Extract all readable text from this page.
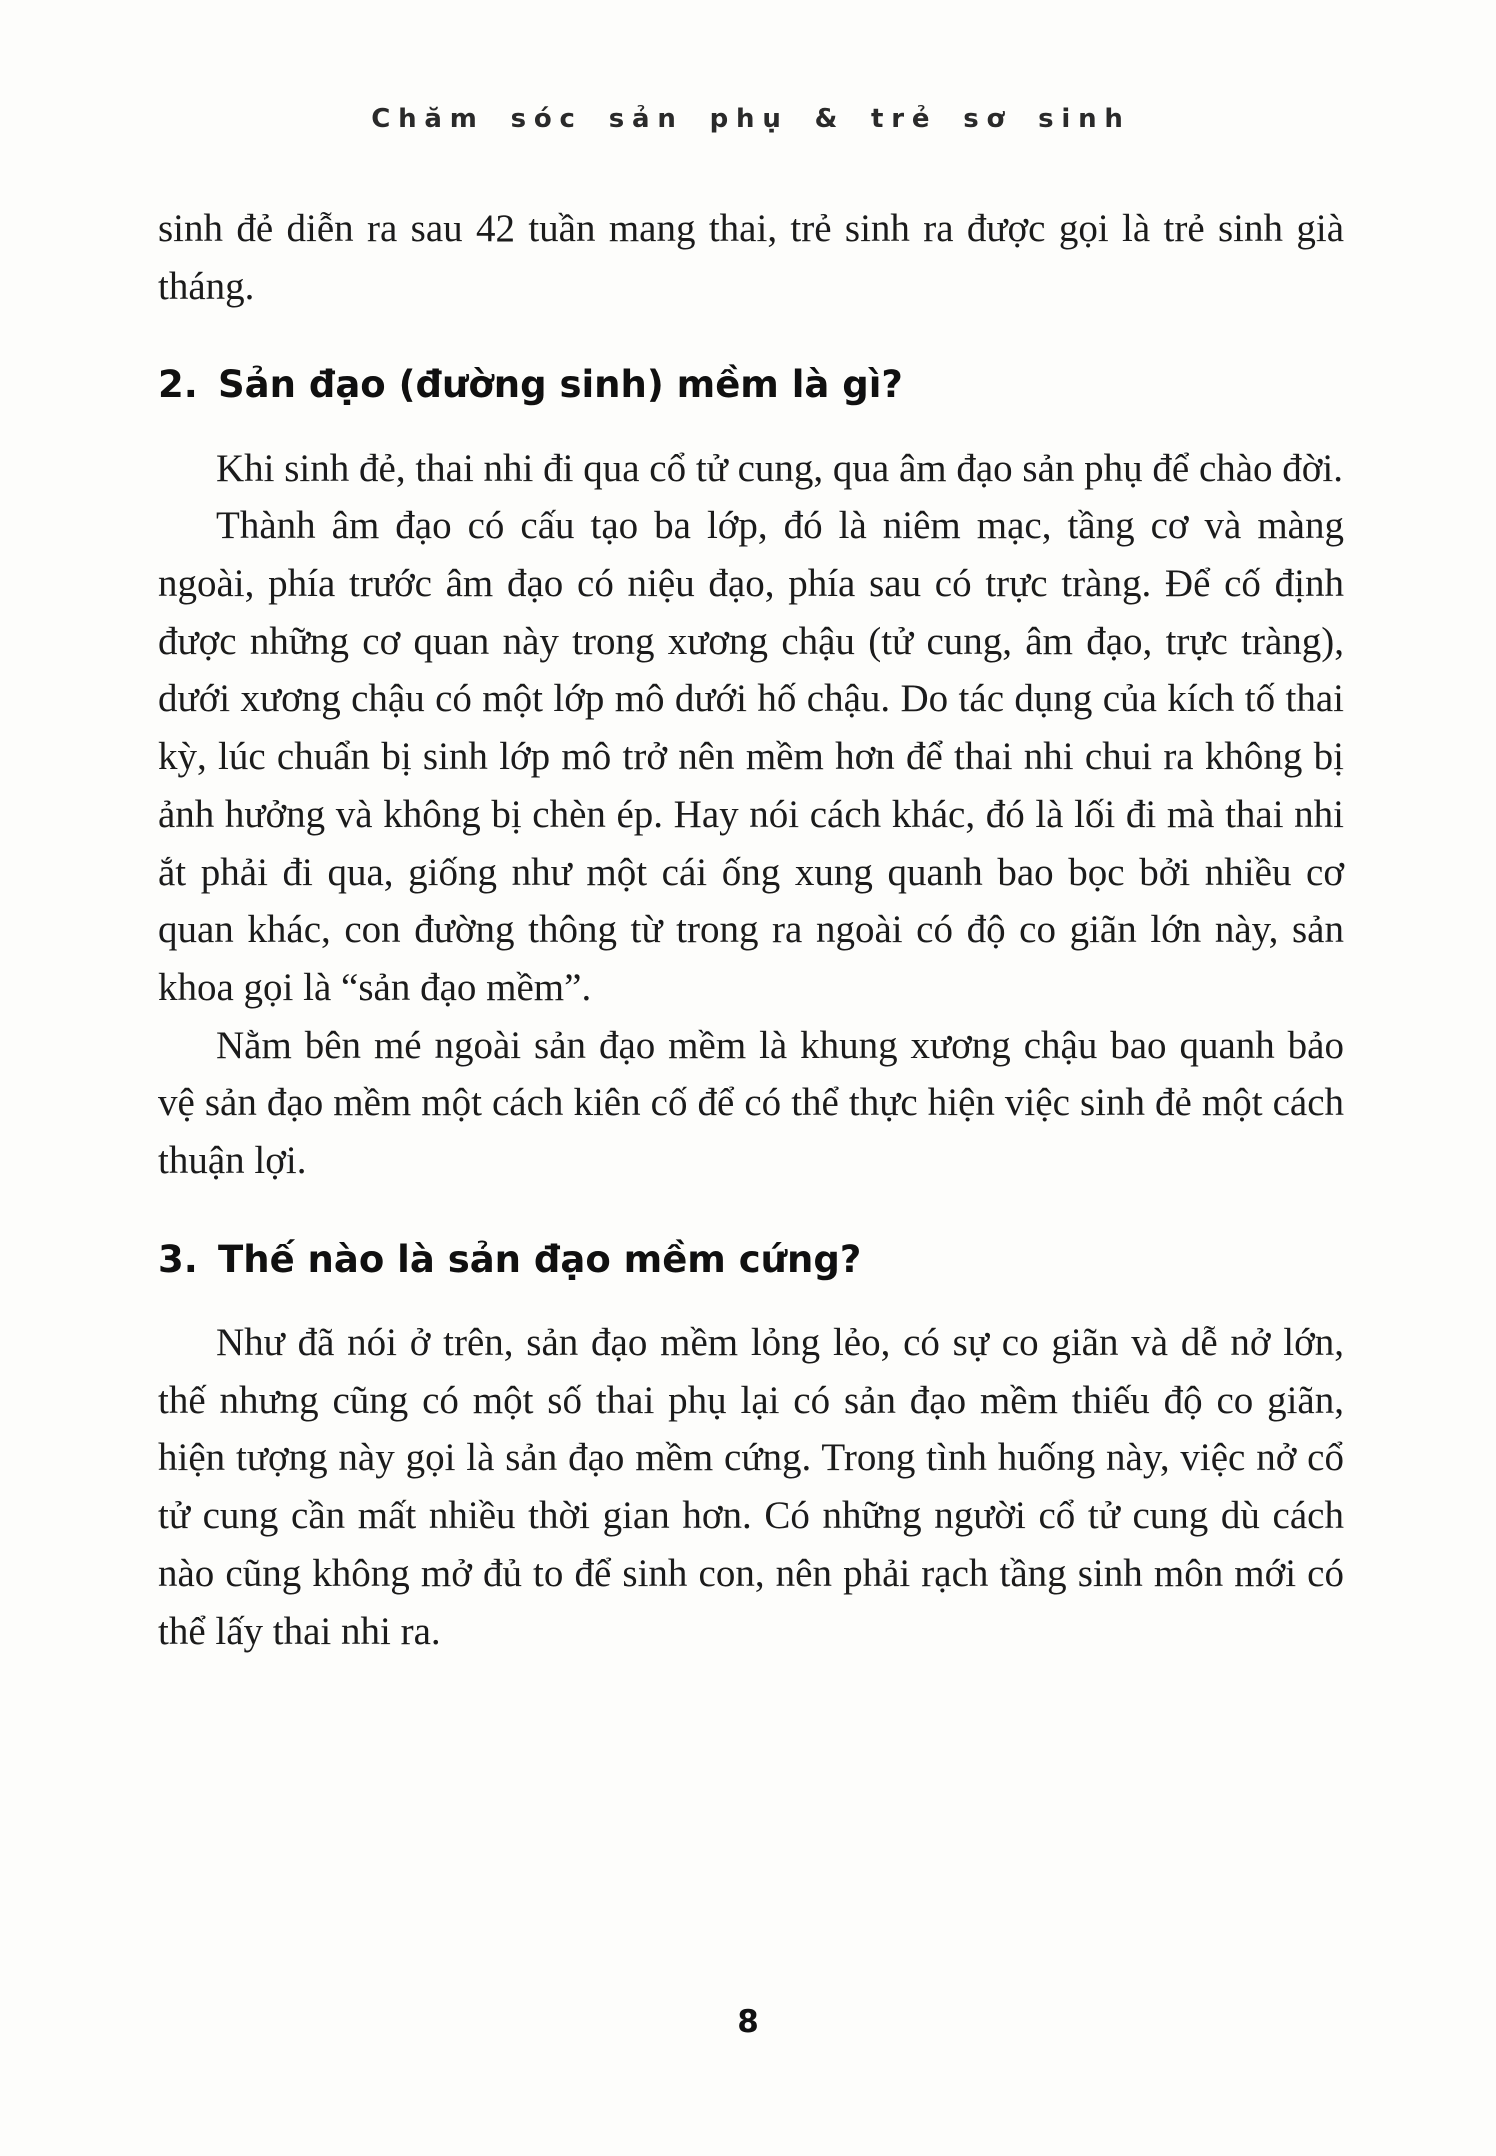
Chăm sóc sản phụ & trẻ sơ sinh

sinh đẻ diễn ra sau 42 tuần mang thai, trẻ sinh ra được gọi là trẻ sinh già tháng.

2. Sản đạo (đường sinh) mềm là gì?

Khi sinh đẻ, thai nhi đi qua cổ tử cung, qua âm đạo sản phụ để chào đời.

Thành âm đạo có cấu tạo ba lớp, đó là niêm mạc, tầng cơ và màng ngoài, phía trước âm đạo có niệu đạo, phía sau có trực tràng. Để cố định được những cơ quan này trong xương chậu (tử cung, âm đạo, trực tràng), dưới xương chậu có một lớp mô dưới hố chậu. Do tác dụng của kích tố thai kỳ, lúc chuẩn bị sinh lớp mô trở nên mềm hơn để thai nhi chui ra không bị ảnh hưởng và không bị chèn ép. Hay nói cách khác, đó là lối đi mà thai nhi ắt phải đi qua, giống như một cái ống xung quanh bao bọc bởi nhiều cơ quan khác, con đường thông từ trong ra ngoài có độ co giãn lớn này, sản khoa gọi là “sản đạo mềm”.

Nằm bên mé ngoài sản đạo mềm là khung xương chậu bao quanh bảo vệ sản đạo mềm một cách kiên cố để có thể thực hiện việc sinh đẻ một cách thuận lợi.

3. Thế nào là sản đạo mềm cứng?

Như đã nói ở trên, sản đạo mềm lỏng lẻo, có sự co giãn và dễ nở lớn, thế nhưng cũng có một số thai phụ lại có sản đạo mềm thiếu độ co giãn, hiện tượng này gọi là sản đạo mềm cứng. Trong tình huống này, việc nở cổ tử cung cần mất nhiều thời gian hơn. Có những người cổ tử cung dù cách nào cũng không mở đủ to để sinh con, nên phải rạch tầng sinh môn mới có thể lấy thai nhi ra.

8
